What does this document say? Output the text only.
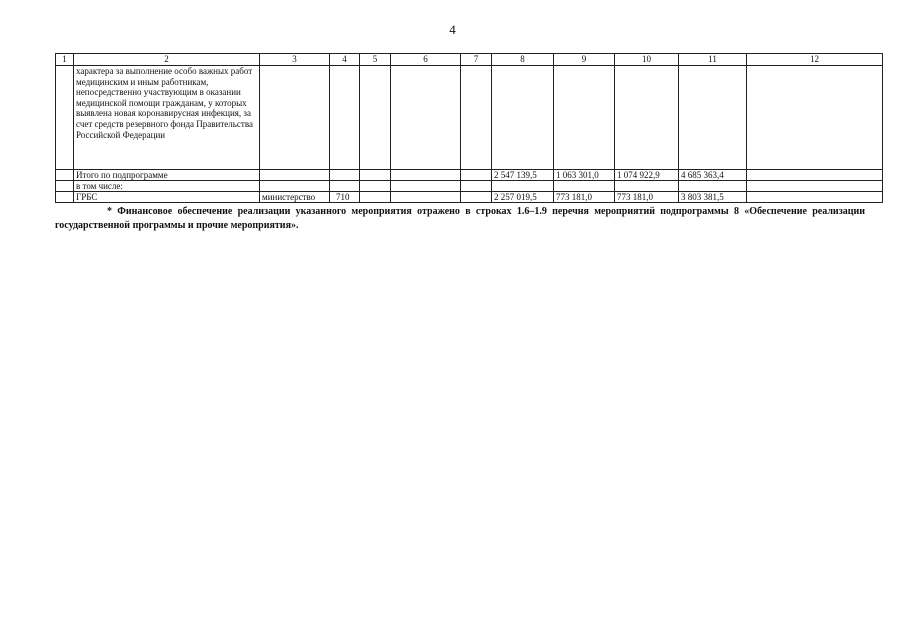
4
1	2	3	4	5	6	7	8	9	10	11	12
	характера за выполнение особо важных работ медицинским и иным работникам, непосредственно участвующим в оказании медицинской помощи гражданам, у которых выявлена новая коронавирусная инфекция, за счет средств резервного фонда Правительства Российской Федерации										
	Итого по подпрограмме						2 547 139,5	1 063 301,0	1 074 922,9	4 685 363,4	
	в том числе:										
	ГРБС	министерство	710				2 257 019,5	773 181,0	773 181,0	3 803 381,5	
* Финансовое обеспечение реализации указанного мероприятия отражено в строках 1.6–1.9 перечня мероприятий подпрограммы 8 «Обеспечение реализации государственной программы и прочие мероприятия».
